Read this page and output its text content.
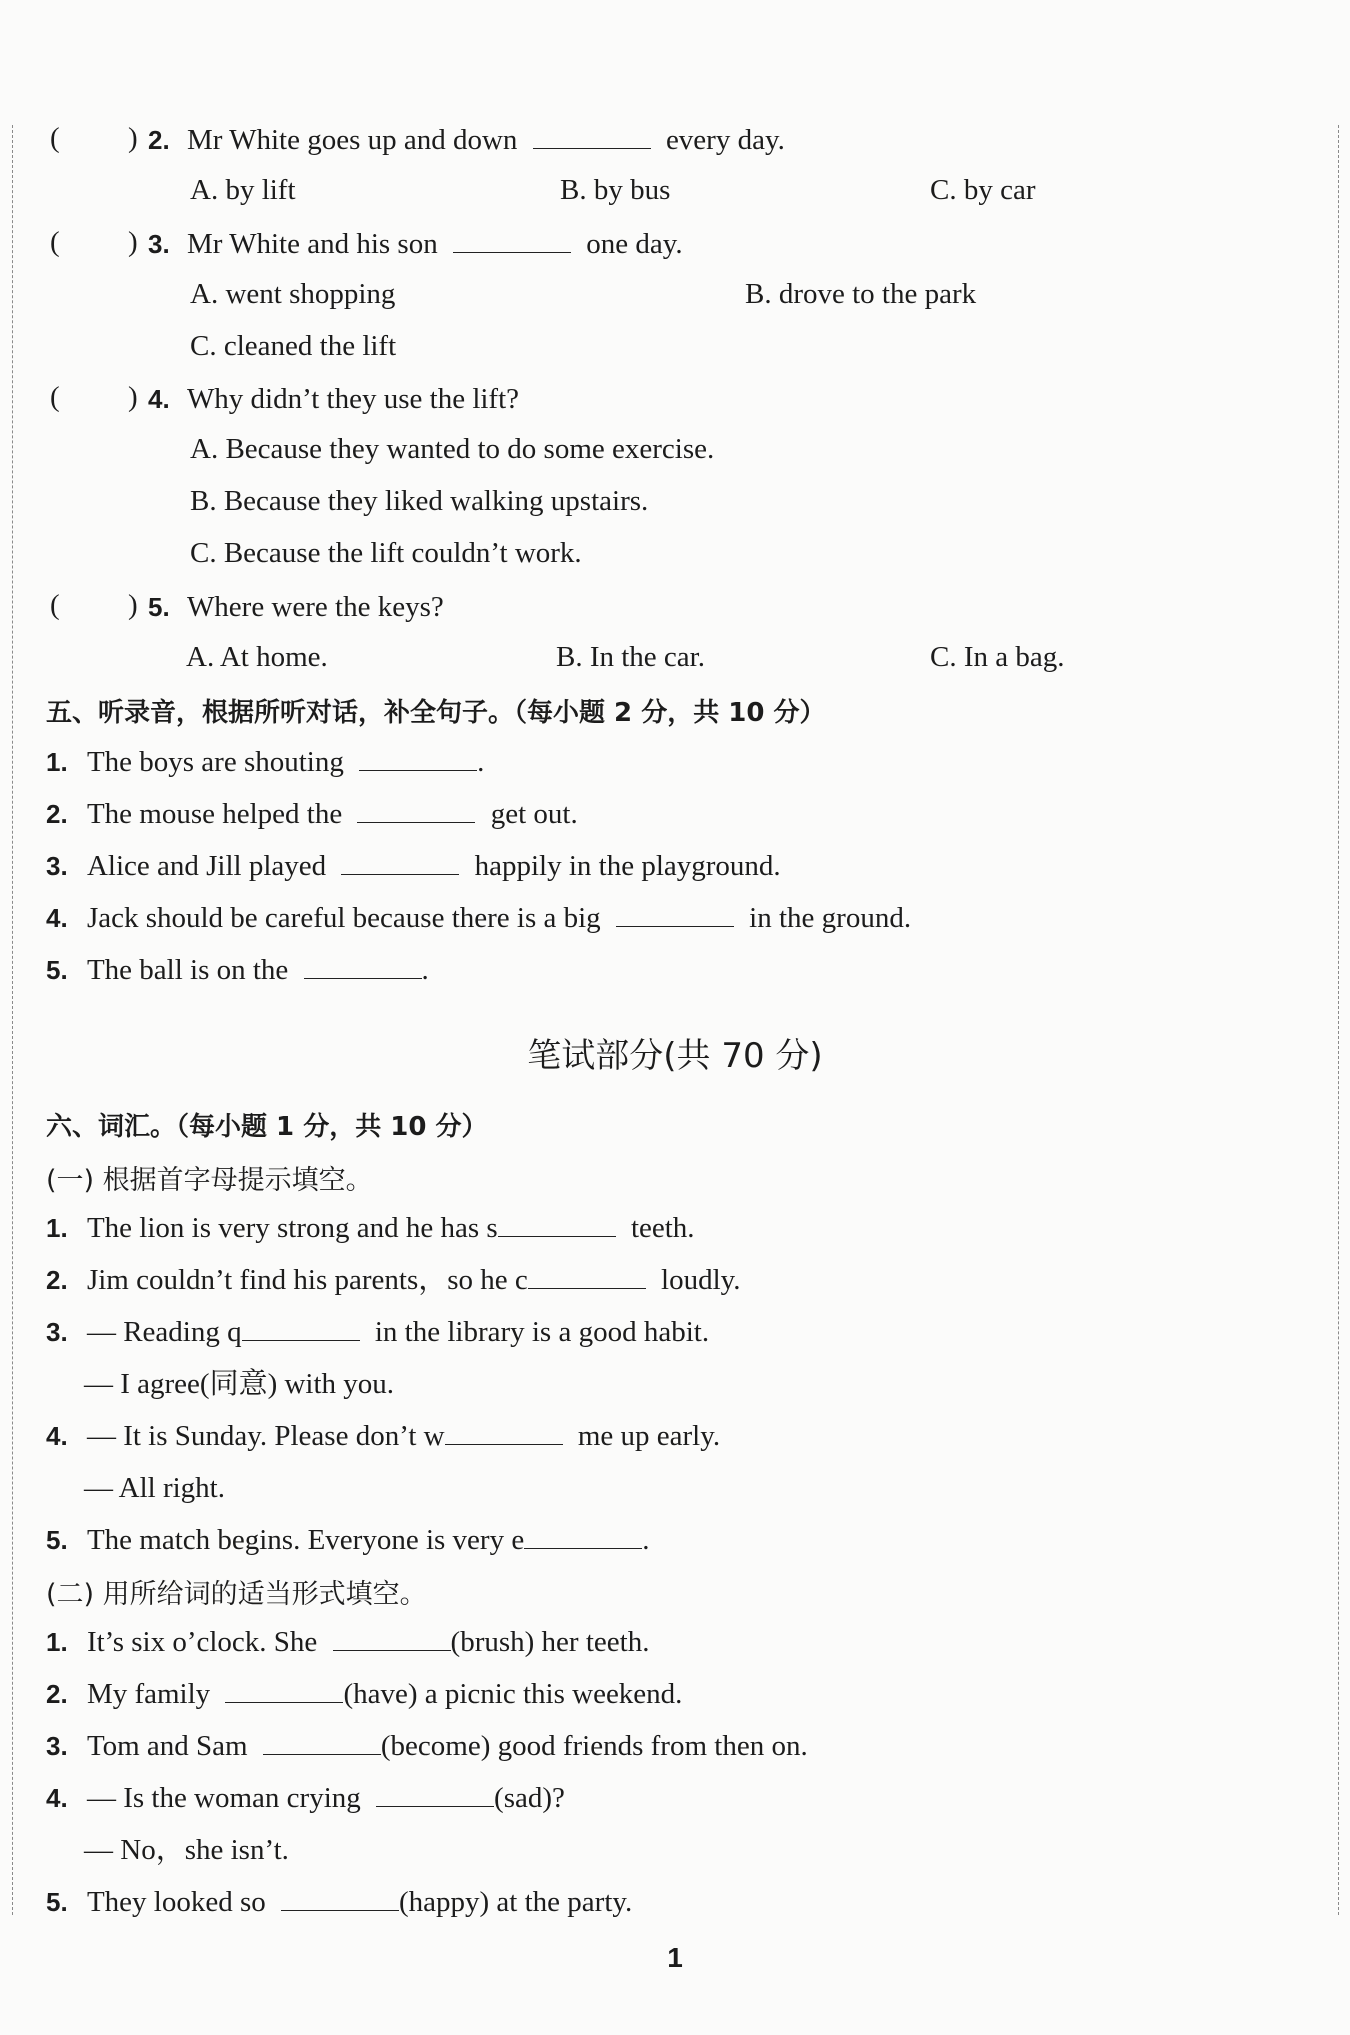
( ) 2. Mr White goes up and down	every day.
A. by lift	B. by bus	C. by car
( ) 3. Mr White and his son	one day.
A. went shopping	B. drove to the park
C. cleaned the lift
( ) 4. Why didn’t they use the lift?
A. Because they wanted to do some exercise.
B. Because they liked walking upstairs.
C. Because the lift couldn’t work.
( ) 5. Where were the keys?
A. At home.	B. In the car.	C. In a bag.
五、听录音，根据所听对话，补全句子。（每小题 2 分，共 10 分）
1. The boys are shouting	.
2. The mouse helped the	get out.
3. Alice and Jill played	happily in the playground.
4. Jack should be careful because there is a big	in the ground.
5. The ball is on the	.
笔试部分(共 70 分)
六、词汇。（每小题 1 分，共 10 分）
(一) 根据首字母提示填空。
1. The lion is very strong and he has s	teeth.
2. Jim couldn’t find his parents，so he c	loudly.
3. — Reading q	in the library is a good habit.
— I agree(同意) with you.
4. — It is Sunday. Please don’t w	me up early.
— All right.
5. The match begins. Everyone is very e	.
(二) 用所给词的适当形式填空。
1. It’s six o’clock. She	(brush) her teeth.
2. My family	(have) a picnic this weekend.
3. Tom and Sam	(become) good friends from then on.
4. — Is the woman crying	(sad)?
— No，she isn’t.
5. They looked so	(happy) at the party.
1
